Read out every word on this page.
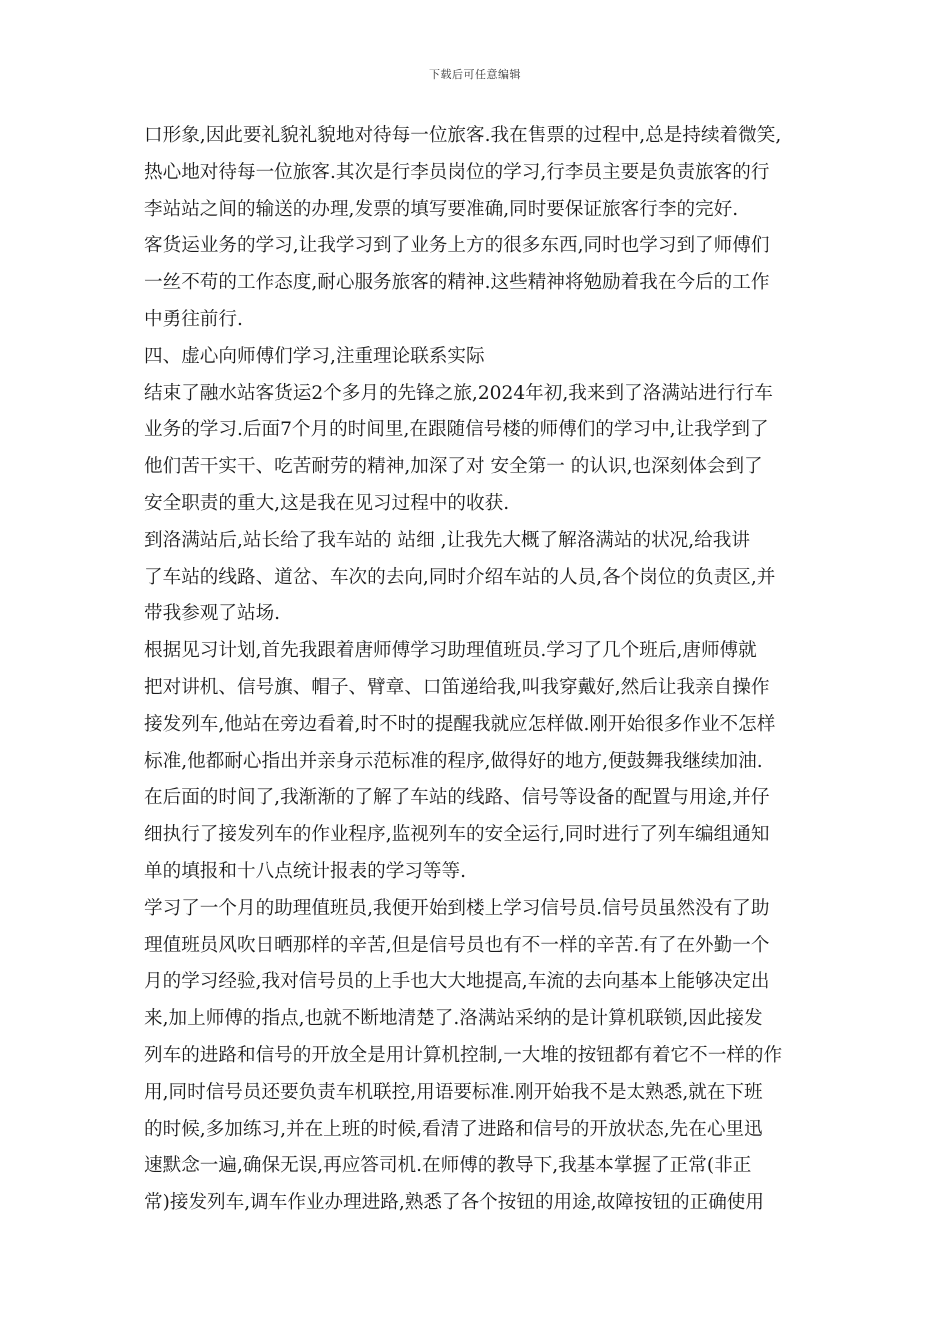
下载后可任意编辑
口形象,因此要礼貌礼貌地对待每一位旅客.我在售票的过程中,总是持续着微笑,
热心地对待每一位旅客.其次是行李员岗位的学习,行李员主要是负责旅客的行
李站站之间的输送的办理,发票的填写要准确,同时要保证旅客行李的完好.
客货运业务的学习,让我学习到了业务上方的很多东西,同时也学习到了师傅们
一丝不苟的工作态度,耐心服务旅客的精神.这些精神将勉励着我在今后的工作
中勇往前行.
四、虚心向师傅们学习,注重理论联系实际
结束了融水站客货运2个多月的先锋之旅,2024年初,我来到了洛满站进行行车
业务的学习.后面7个月的时间里,在跟随信号楼的师傅们的学习中,让我学到了
他们苦干实干、吃苦耐劳的精神,加深了对 安全第一 的认识,也深刻体会到了
安全职责的重大,这是我在见习过程中的收获.
到洛满站后,站长给了我车站的 站细 ,让我先大概了解洛满站的状况,给我讲
了车站的线路、道岔、车次的去向,同时介绍车站的人员,各个岗位的负责区,并
带我参观了站场.
根据见习计划,首先我跟着唐师傅学习助理值班员.学习了几个班后,唐师傅就
把对讲机、信号旗、帽子、臂章、口笛递给我,叫我穿戴好,然后让我亲自操作
接发列车,他站在旁边看着,时不时的提醒我就应怎样做.刚开始很多作业不怎样
标准,他都耐心指出并亲身示范标准的程序,做得好的地方,便鼓舞我继续加油.
在后面的时间了,我渐渐的了解了车站的线路、信号等设备的配置与用途,并仔
细执行了接发列车的作业程序,监视列车的安全运行,同时进行了列车编组通知
单的填报和十八点统计报表的学习等等.
学习了一个月的助理值班员,我便开始到楼上学习信号员.信号员虽然没有了助
理值班员风吹日晒那样的辛苦,但是信号员也有不一样的辛苦.有了在外勤一个
月的学习经验,我对信号员的上手也大大地提高,车流的去向基本上能够决定出
来,加上师傅的指点,也就不断地清楚了.洛满站采纳的是计算机联锁,因此接发
列车的进路和信号的开放全是用计算机控制,一大堆的按钮都有着它不一样的作
用,同时信号员还要负责车机联控,用语要标准.刚开始我不是太熟悉,就在下班
的时候,多加练习,并在上班的时候,看清了进路和信号的开放状态,先在心里迅
速默念一遍,确保无误,再应答司机.在师傅的教导下,我基本掌握了正常(非正
常)接发列车,调车作业办理进路,熟悉了各个按钮的用途,故障按钮的正确使用
